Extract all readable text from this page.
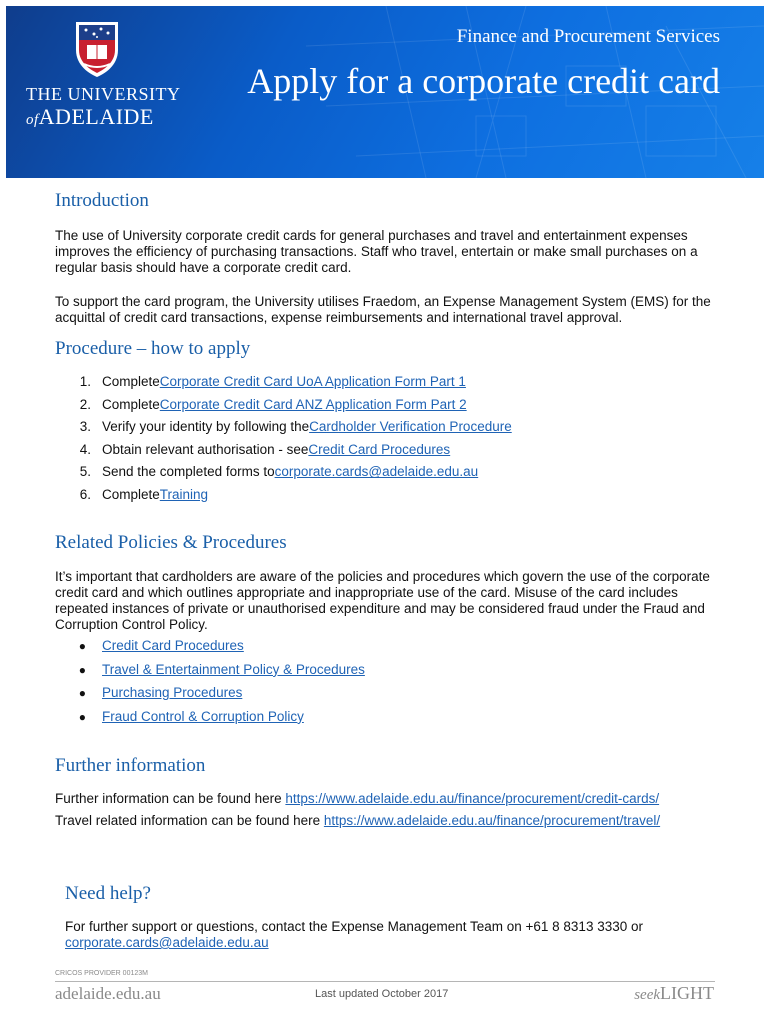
THE UNIVERSITY
ofADELAIDE
Finance and Procurement Services
Apply for a corporate credit card
Introduction

The use of University corporate credit cards for general purchases and travel and entertainment expenses improves the efficiency of purchasing transactions. Staff who travel, entertain or make small purchases on a regular basis should have a corporate credit card.

To support the card program, the University utilises Fraedom, an Expense Management System (EMS) for the acquittal of credit card transactions, expense reimbursements and international travel approval.

Procedure – how to apply
1. Complete Corporate Credit Card UoA Application Form Part 1
2. Complete Corporate Credit Card ANZ Application Form Part 2
3. Verify your identity by following the Cardholder Verification Procedure
4. Obtain relevant authorisation - see Credit Card Procedures
5. Send the completed forms to corporate.cards@adelaide.edu.au
6. Complete Training
Related Policies & Procedures

It’s important that cardholders are aware of the policies and procedures which govern the use of the corporate credit card and which outlines appropriate and inappropriate use of the card. Misuse of the card includes repeated instances of private or unauthorised expenditure and may be considered fraud under the Fraud and Corruption Control Policy.

●	Credit Card Procedures
●	Travel & Entertainment Policy & Procedures
●	Purchasing Procedures
●	Fraud Control & Corruption Policy
Further information

Further information can be found here https://www.adelaide.edu.au/finance/procurement/credit-cards/

Travel related information can be found here https://www.adelaide.edu.au/finance/procurement/travel/

Need help?

For further support or questions, contact the Expense Management Team on +61 8 8313 3330 or corporate.cards@adelaide.edu.au

CRICOS PROVIDER 00123M
adelaide.edu.au	Last updated October 2017	seekLIGHT
